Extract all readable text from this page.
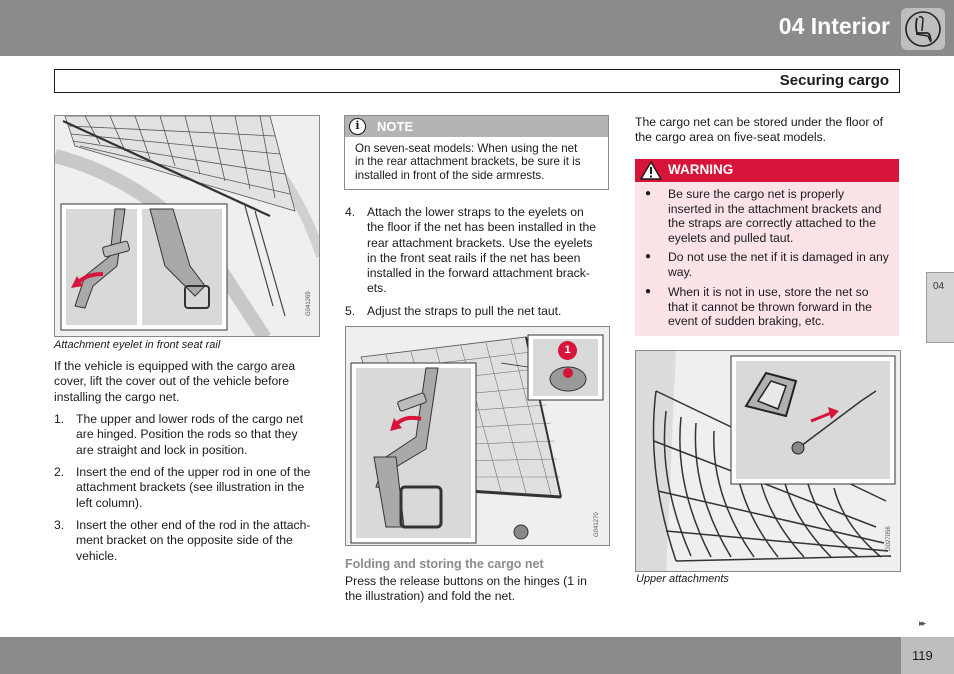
04 Interior
Securing cargo
04
G041269
Attachment eyelet in front seat rail
If the vehicle is equipped with the cargo area cover, lift the cover out of the vehicle before installing the cargo net.
1. The upper and lower rods of the cargo net
are hinged. Position the rods so that they
are straight and lock in position.
2. Insert the end of the upper rod in one of the
attachment brackets (see illustration in the
left column).
3. Insert the other end of the rod in the attach-
ment bracket on the opposite side of the
vehicle.
i	NOTE
On seven-seat models: When using the net
in the rear attachment brackets, be sure it is
installed in front of the side armrests.
4. Attach the lower straps to the eyelets on
the floor if the net has been installed in the
rear attachment brackets. Use the eyelets
in the front seat rails if the net has been
installed in the forward attachment brack-
ets.
5. Adjust the straps to pull the net taut.
1
G041270
Folding and storing the cargo net
Press the release buttons on the hinges (1 in
the illustration) and fold the net.
The cargo net can be stored under the floor of
the cargo area on five-seat models.
WARNING
● Be sure the cargo net is properly
inserted in the attachment brackets and
the straps are correctly attached to the
eyelets and pulled taut.
● Do not use the net if it is damaged in any
way.
● When it is not in use, store the net so
that it cannot be thrown forward in the
event of sudden braking, etc.
G027056
Upper attachments
▸▸
119
